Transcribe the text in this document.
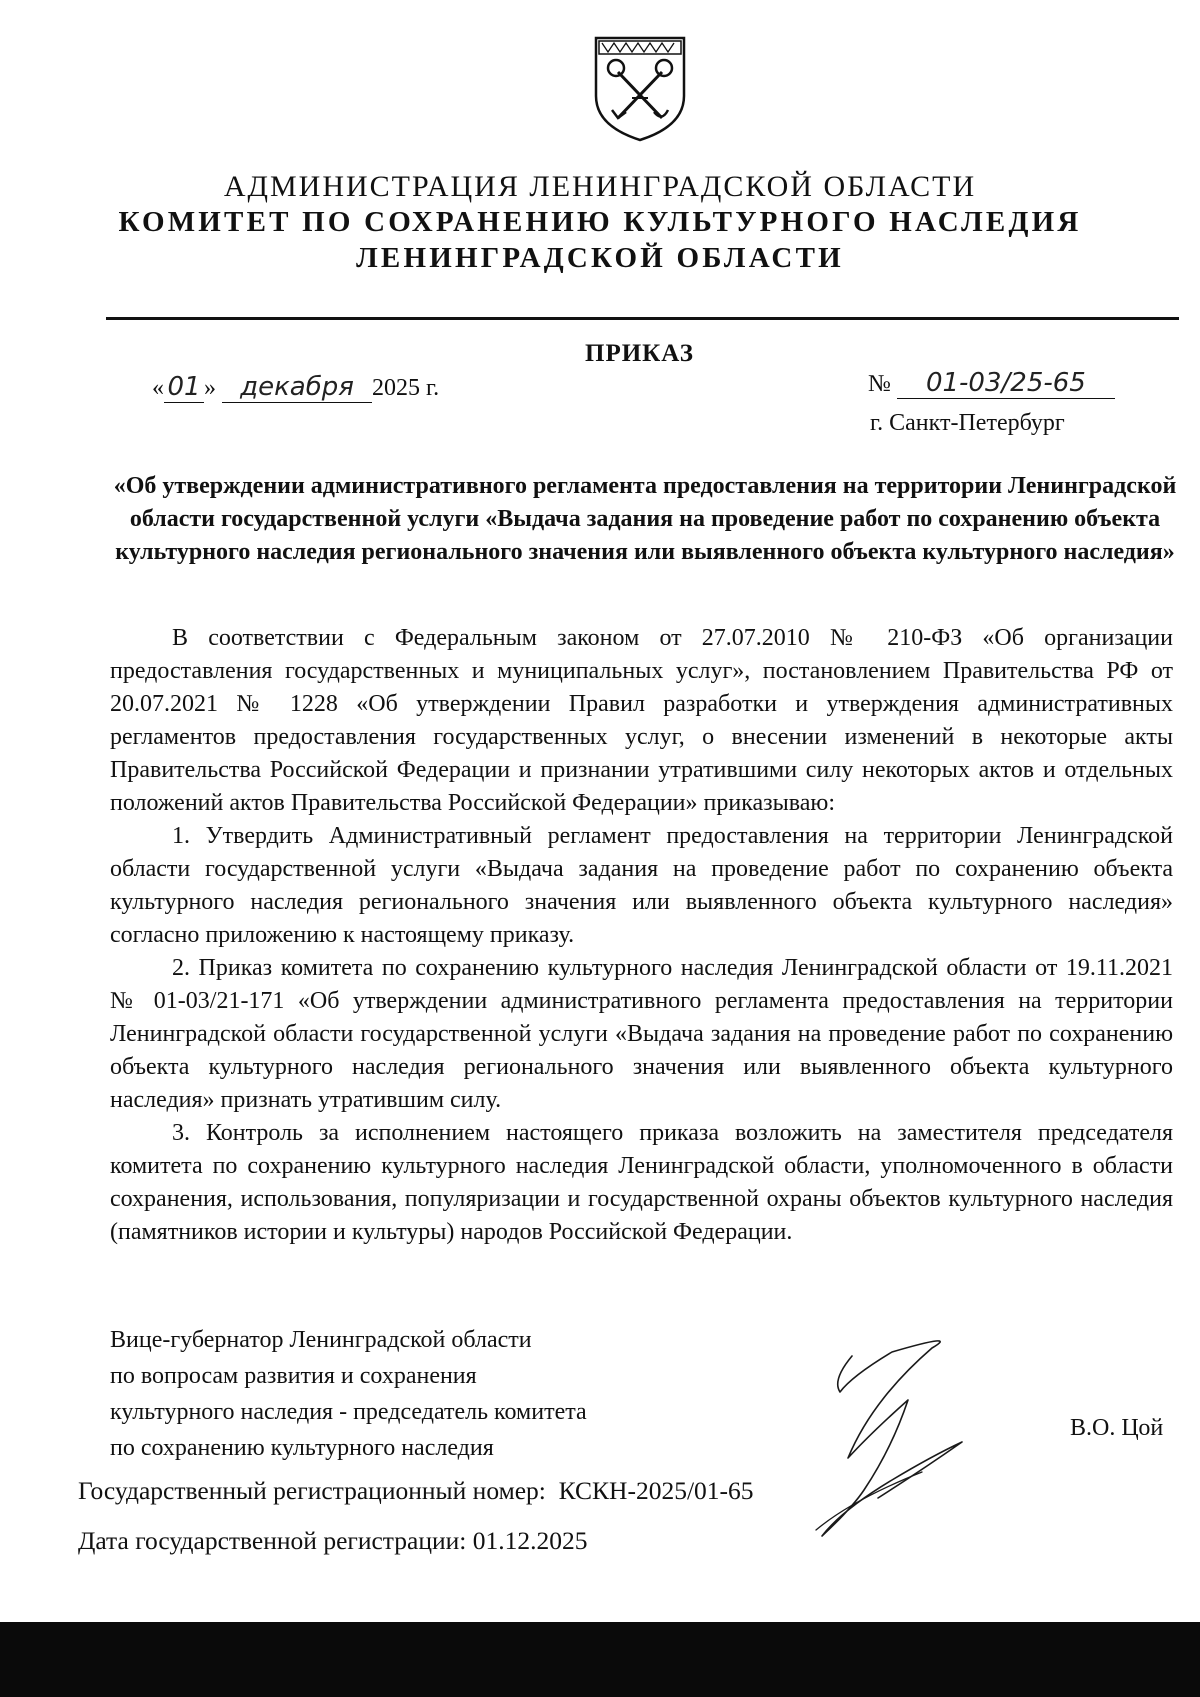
АДМИНИСТРАЦИЯ ЛЕНИНГРАДСКОЙ ОБЛАСТИ
КОМИТЕТ ПО СОХРАНЕНИЮ КУЛЬТУРНОГО НАСЛЕДИЯ
ЛЕНИНГРАДСКОЙ ОБЛАСТИ
ПРИКАЗ
« 01 » декабря 2025 г.	№ 01-03/25-65
г. Санкт-Петербург
«Об утверждении административного регламента предоставления на территории Ленинградской области государственной услуги «Выдача задания на проведение работ по сохранению объекта культурного наследия регионального значения или выявленного объекта культурного наследия»

В соответствии с Федеральным законом от 27.07.2010 № 210-ФЗ «Об организации предоставления государственных и муниципальных услуг», постановлением Правительства РФ от 20.07.2021 № 1228 «Об утверждении Правил разработки и утверждения административных регламентов предоставления государственных услуг, о внесении изменений в некоторые акты Правительства Российской Федерации и признании утратившими силу некоторых актов и отдельных положений актов Правительства Российской Федерации» приказываю:

1. Утвердить Административный регламент предоставления на территории Ленинградской области государственной услуги «Выдача задания на проведение работ по сохранению объекта культурного наследия регионального значения или выявленного объекта культурного наследия» согласно приложению к настоящему приказу.

2. Приказ комитета по сохранению культурного наследия Ленинградской области от 19.11.2021 № 01-03/21-171 «Об утверждении административного регламента предоставления на территории Ленинградской области государственной услуги «Выдача задания на проведение работ по сохранению объекта культурного наследия регионального значения или выявленного объекта культурного наследия» признать утратившим силу.

3. Контроль за исполнением настоящего приказа возложить на заместителя председателя комитета по сохранению культурного наследия Ленинградской области, уполномоченного в области сохранения, использования, популяризации и государственной охраны объектов культурного наследия (памятников истории и культуры) народов Российской Федерации.

Вице-губернатор Ленинградской области
по вопросам развития и сохранения
культурного наследия - председатель комитета
по сохранению культурного наследия
В.О. Цой
Государственный регистрационный номер: КСКН-2025/01-65
Дата государственной регистрации: 01.12.2025
